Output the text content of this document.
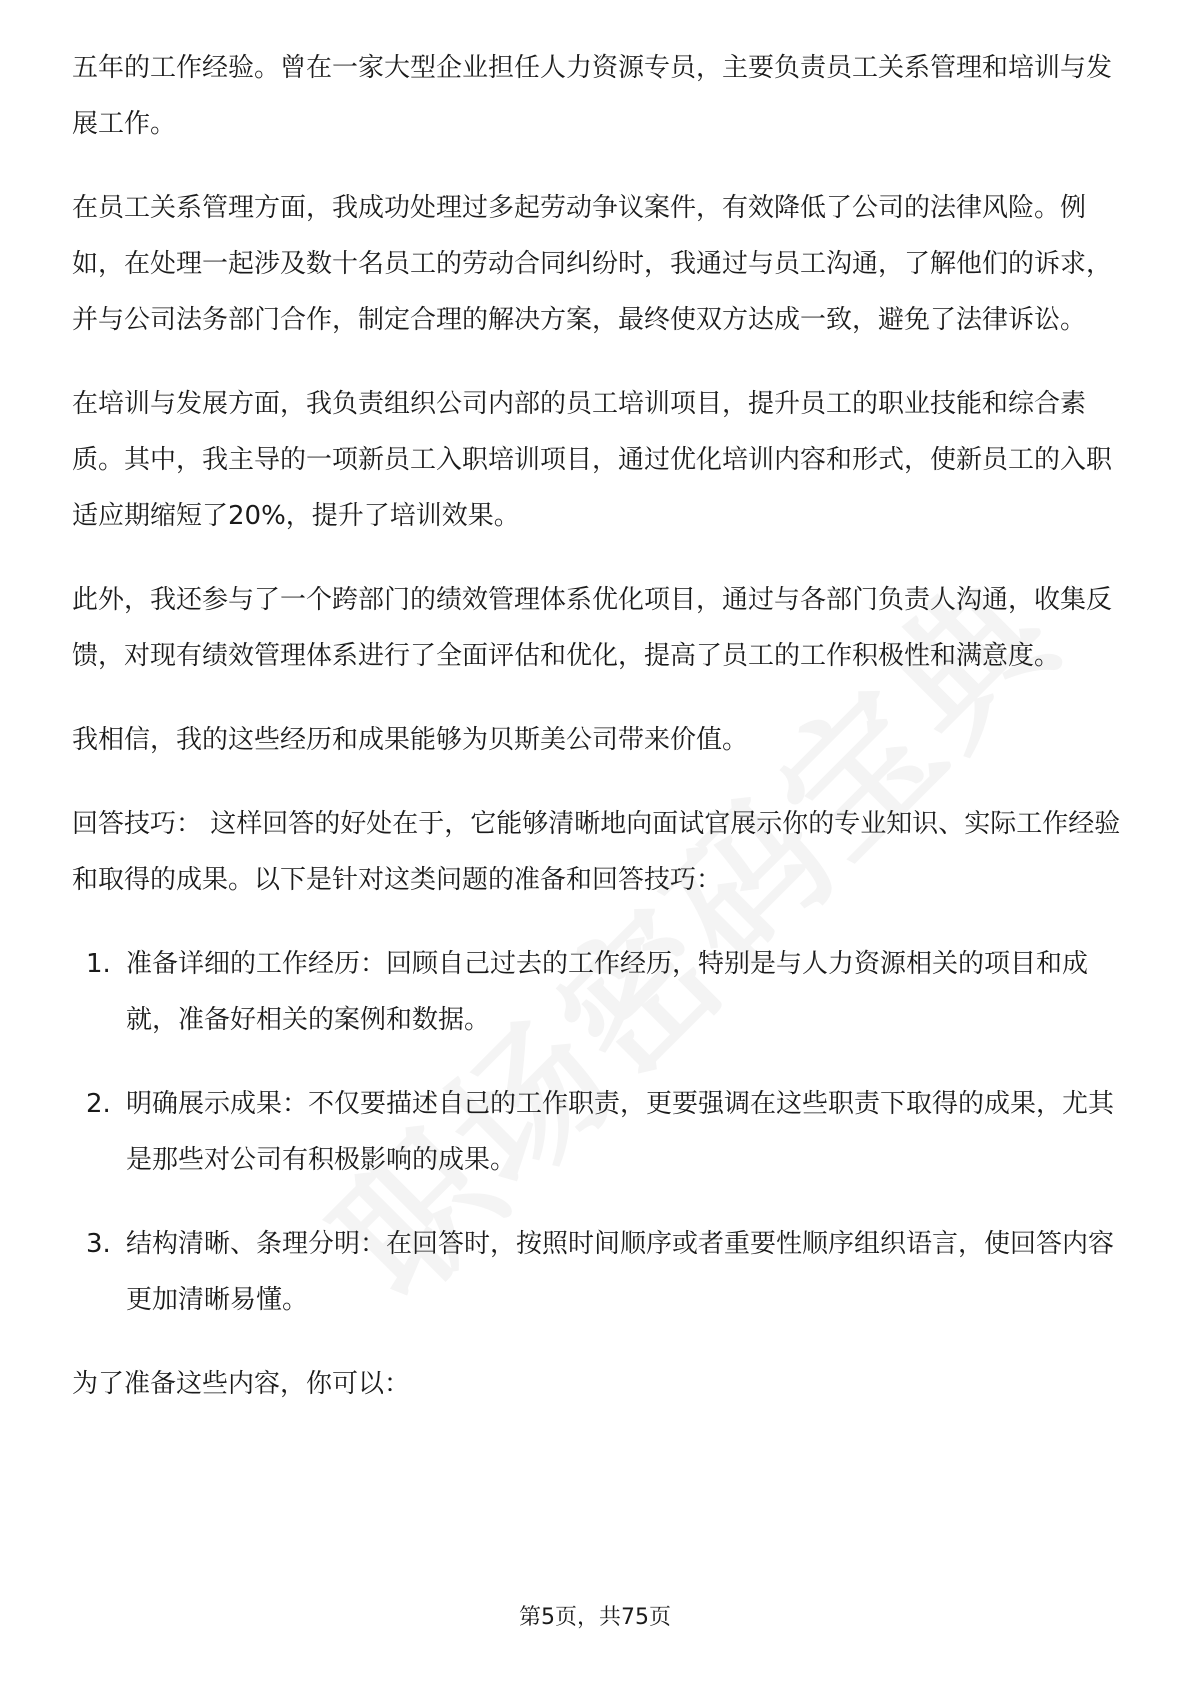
五年的工作经验。曾在一家大型企业担任人力资源专员，主要负责员工关系管理和培训与发展工作。

在员工关系管理方面，我成功处理过多起劳动争议案件，有效降低了公司的法律风险。例如，在处理一起涉及数十名员工的劳动合同纠纷时，我通过与员工沟通，了解他们的诉求，并与公司法务部门合作，制定合理的解决方案，最终使双方达成一致，避免了法律诉讼。

在培训与发展方面，我负责组织公司内部的员工培训项目，提升员工的职业技能和综合素质。其中，我主导的一项新员工入职培训项目，通过优化培训内容和形式，使新员工的入职适应期缩短了20%，提升了培训效果。

此外，我还参与了一个跨部门的绩效管理体系优化项目，通过与各部门负责人沟通，收集反馈，对现有绩效管理体系进行了全面评估和优化，提高了员工的工作积极性和满意度。

我相信，我的这些经历和成果能够为贝斯美公司带来价值。

回答技巧： 这样回答的好处在于，它能够清晰地向面试官展示你的专业知识、实际工作经验和取得的成果。以下是针对这类问题的准备和回答技巧：

1. 准备详细的工作经历：回顾自己过去的工作经历，特别是与人力资源相关的项目和成就，准备好相关的案例和数据。
2. 明确展示成果：不仅要描述自己的工作职责，更要强调在这些职责下取得的成果，尤其是那些对公司有积极影响的成果。
3. 结构清晰、条理分明：在回答时，按照时间顺序或者重要性顺序组织语言，使回答内容更加清晰易懂。

为了准备这些内容，你可以：

第5页，共75页
